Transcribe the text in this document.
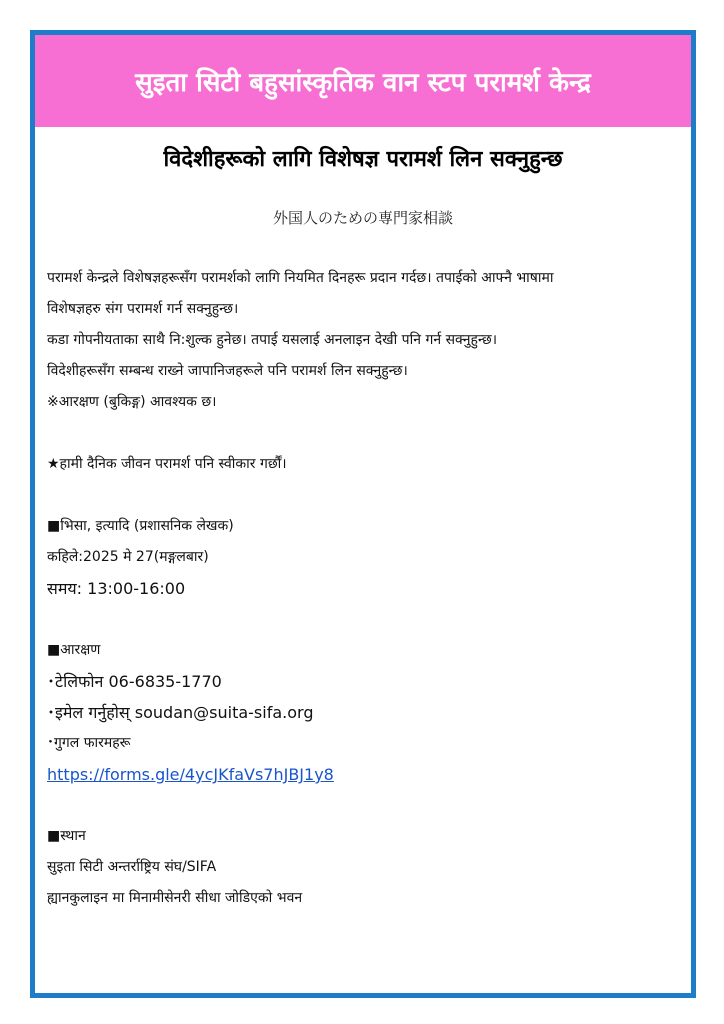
सुइता सिटी बहुसांस्कृतिक वान स्टप परामर्श केन्द्र
विदेशीहरूको लागि विशेषज्ञ परामर्श लिन सक्नुहुन्छ
外国人のための専門家相談

परामर्श केन्द्रले विशेषज्ञहरूसँग परामर्शको लागि नियमित दिनहरू प्रदान गर्दछ। तपाईको आफ्नै भाषामा

विशेषज्ञहरु संग परामर्श गर्न सक्नुहुन्छ।

कडा गोपनीयताका साथै नि:शुल्क हुनेछ। तपाई यसलाई अनलाइन देखी पनि गर्न सक्नुहुन्छ।

विदेशीहरूसँग सम्बन्ध राख्ने जापानिजहरूले पनि परामर्श लिन सक्नुहुन्छ।

※आरक्षण (बुकिङ्ग) आवश्यक छ।

★हामी दैनिक जीवन परामर्श पनि स्वीकार गर्छौं।

■भिसा, इत्यादि (प्रशासनिक लेखक)

कहिले:2025 मे 27(मङ्गलबार)

समय: 13:00-16:00

■आरक्षण

･टेलिफोन 06-6835-1770

･इमेल गर्नुहोस् soudan@suita-sifa.org

･गुगल फारमहरू

https://forms.gle/4ycJKfaVs7hJBJ1y8

■स्थान

सुइता सिटी अन्तर्राष्ट्रिय संघ/SIFA

ह्यानकुलाइन मा मिनामीसेनरी सीधा जोडिएको भवन
